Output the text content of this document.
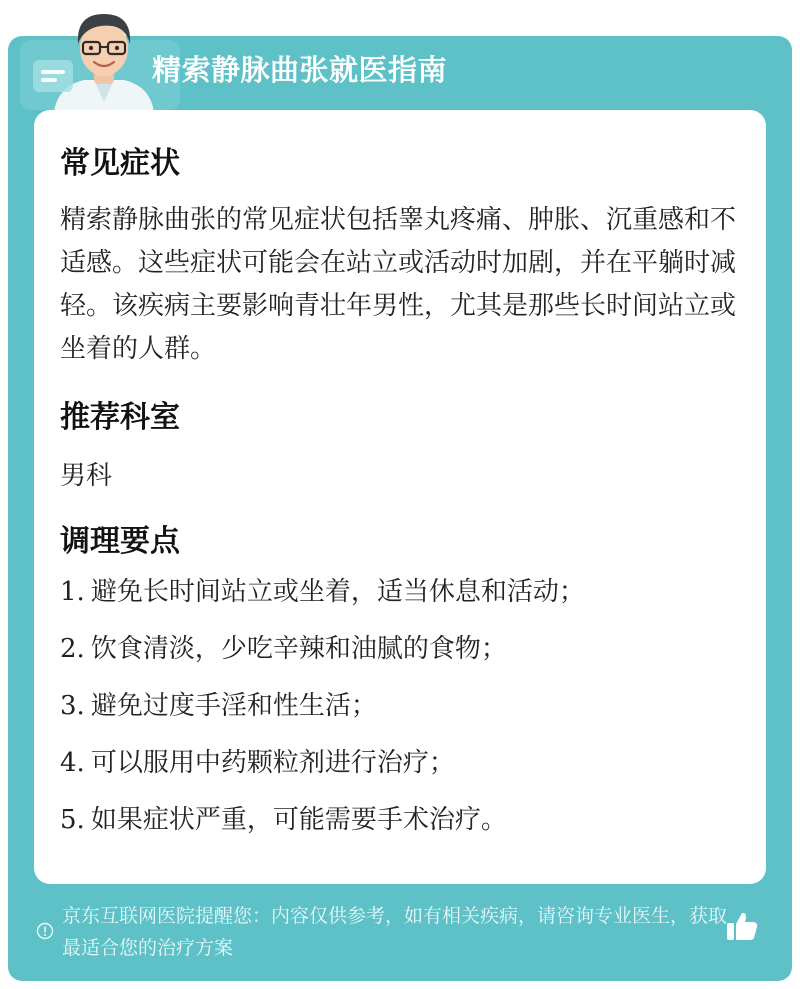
精索静脉曲张就医指南
常见症状
精索静脉曲张的常见症状包括睾丸疼痛、肿胀、沉重感和不适感。这些症状可能会在站立或活动时加剧，并在平躺时减轻。该疾病主要影响青壮年男性，尤其是那些长时间站立或坐着的人群。
推荐科室
男科
调理要点
1. 避免长时间站立或坐着，适当休息和活动；
2. 饮食清淡，少吃辛辣和油腻的食物；
3. 避免过度手淫和性生活；
4. 可以服用中药颗粒剂进行治疗；
5. 如果症状严重，可能需要手术治疗。
京东互联网医院提醒您：内容仅供参考，如有相关疾病，请咨询专业医生，获取最适合您的治疗方案
